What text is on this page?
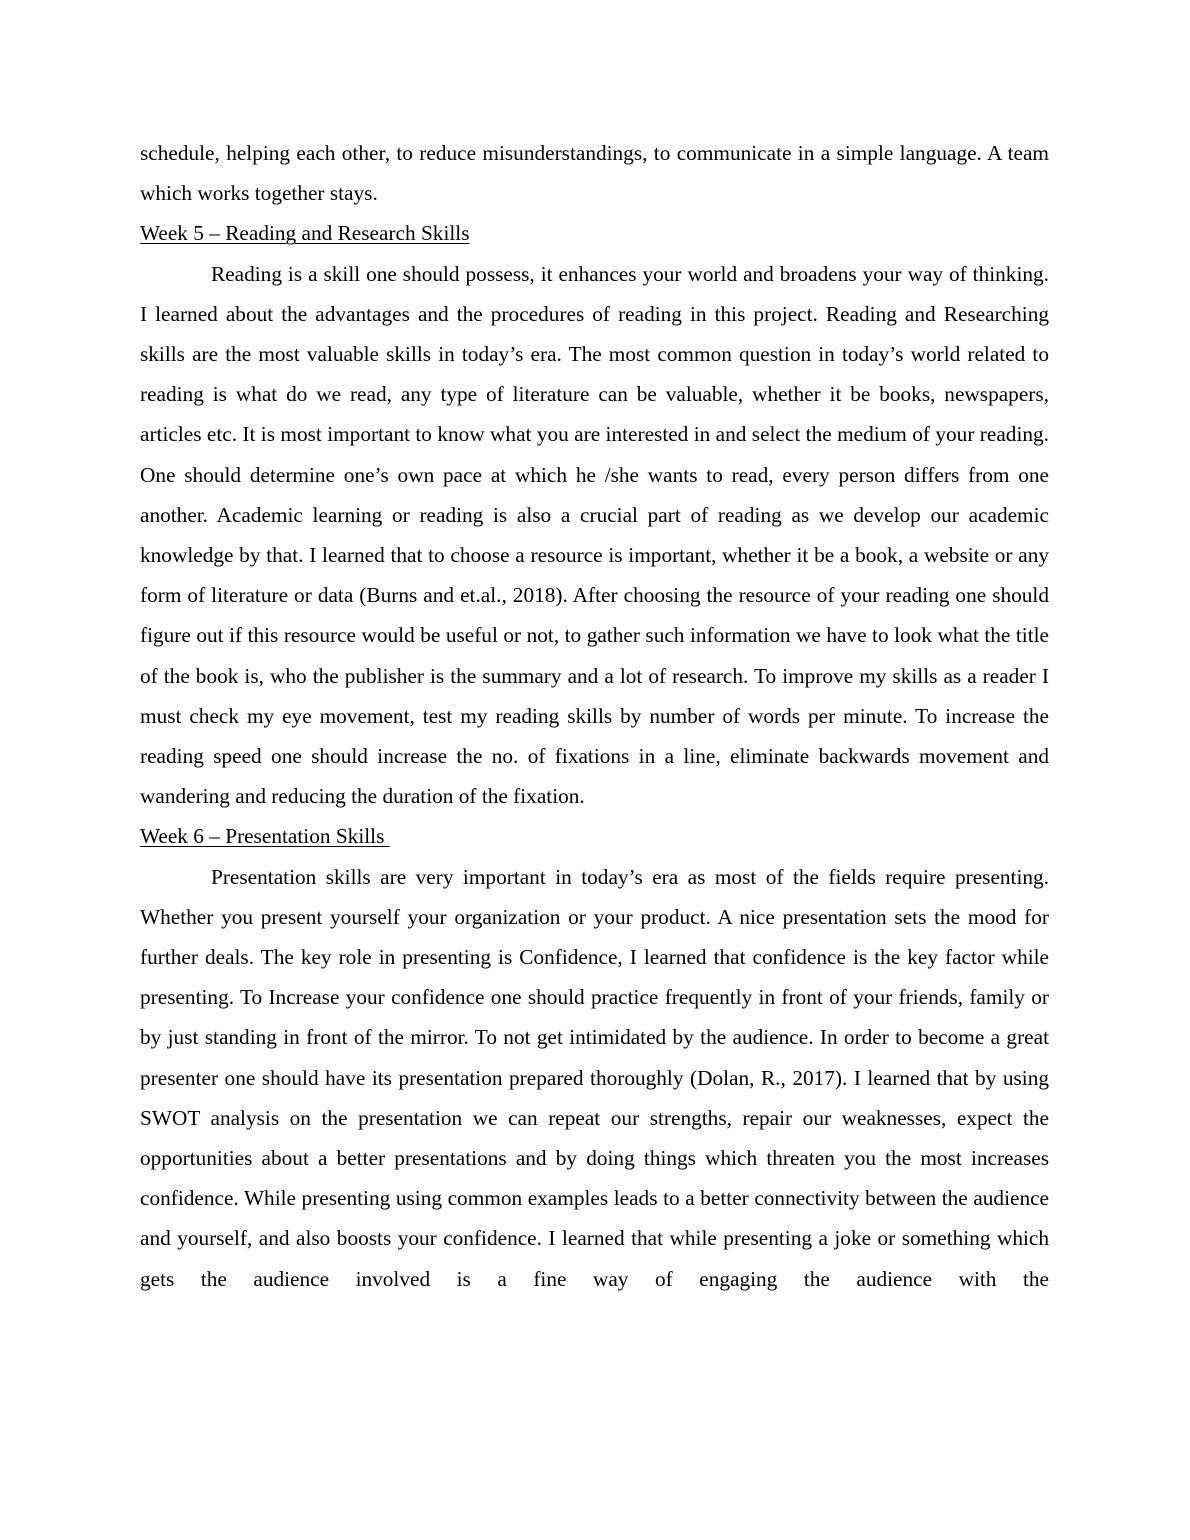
schedule, helping each other, to reduce misunderstandings, to communicate in a simple language. A team which works together stays.

Week 5 – Reading and Research Skills

Reading is a skill one should possess, it enhances your world and broadens your way of thinking. I learned about the advantages and the procedures of reading in this project. Reading and Researching skills are the most valuable skills in today’s era. The most common question in today’s world related to reading is what do we read, any type of literature can be valuable, whether it be books, newspapers, articles etc. It is most important to know what you are interested in and select the medium of your reading. One should determine one’s own pace at which he /she wants to read, every person differs from one another. Academic learning or reading is also a crucial part of reading as we develop our academic knowledge by that. I learned that to choose a resource is important, whether it be a book, a website or any form of literature or data (Burns and et.al., 2018). After choosing the resource of your reading one should figure out if this resource would be useful or not, to gather such information we have to look what the title of the book is, who the publisher is the summary and a lot of research. To improve my skills as a reader I must check my eye movement, test my reading skills by number of words per minute. To increase the reading speed one should increase the no. of fixations in a line, eliminate backwards movement and wandering and reducing the duration of the fixation.

Week 6 – Presentation Skills

Presentation skills are very important in today’s era as most of the fields require presenting. Whether you present yourself your organization or your product. A nice presentation sets the mood for further deals. The key role in presenting is Confidence, I learned that confidence is the key factor while presenting. To Increase your confidence one should practice frequently in front of your friends, family or by just standing in front of the mirror. To not get intimidated by the audience. In order to become a great presenter one should have its presentation prepared thoroughly (Dolan, R., 2017). I learned that by using SWOT analysis on the presentation we can repeat our strengths, repair our weaknesses, expect the opportunities about a better presentations and by doing things which threaten you the most increases confidence. While presenting using common examples leads to a better connectivity between the audience and yourself, and also boosts your confidence. I learned that while presenting a joke or something which gets the audience involved is a fine way of engaging the audience with the
